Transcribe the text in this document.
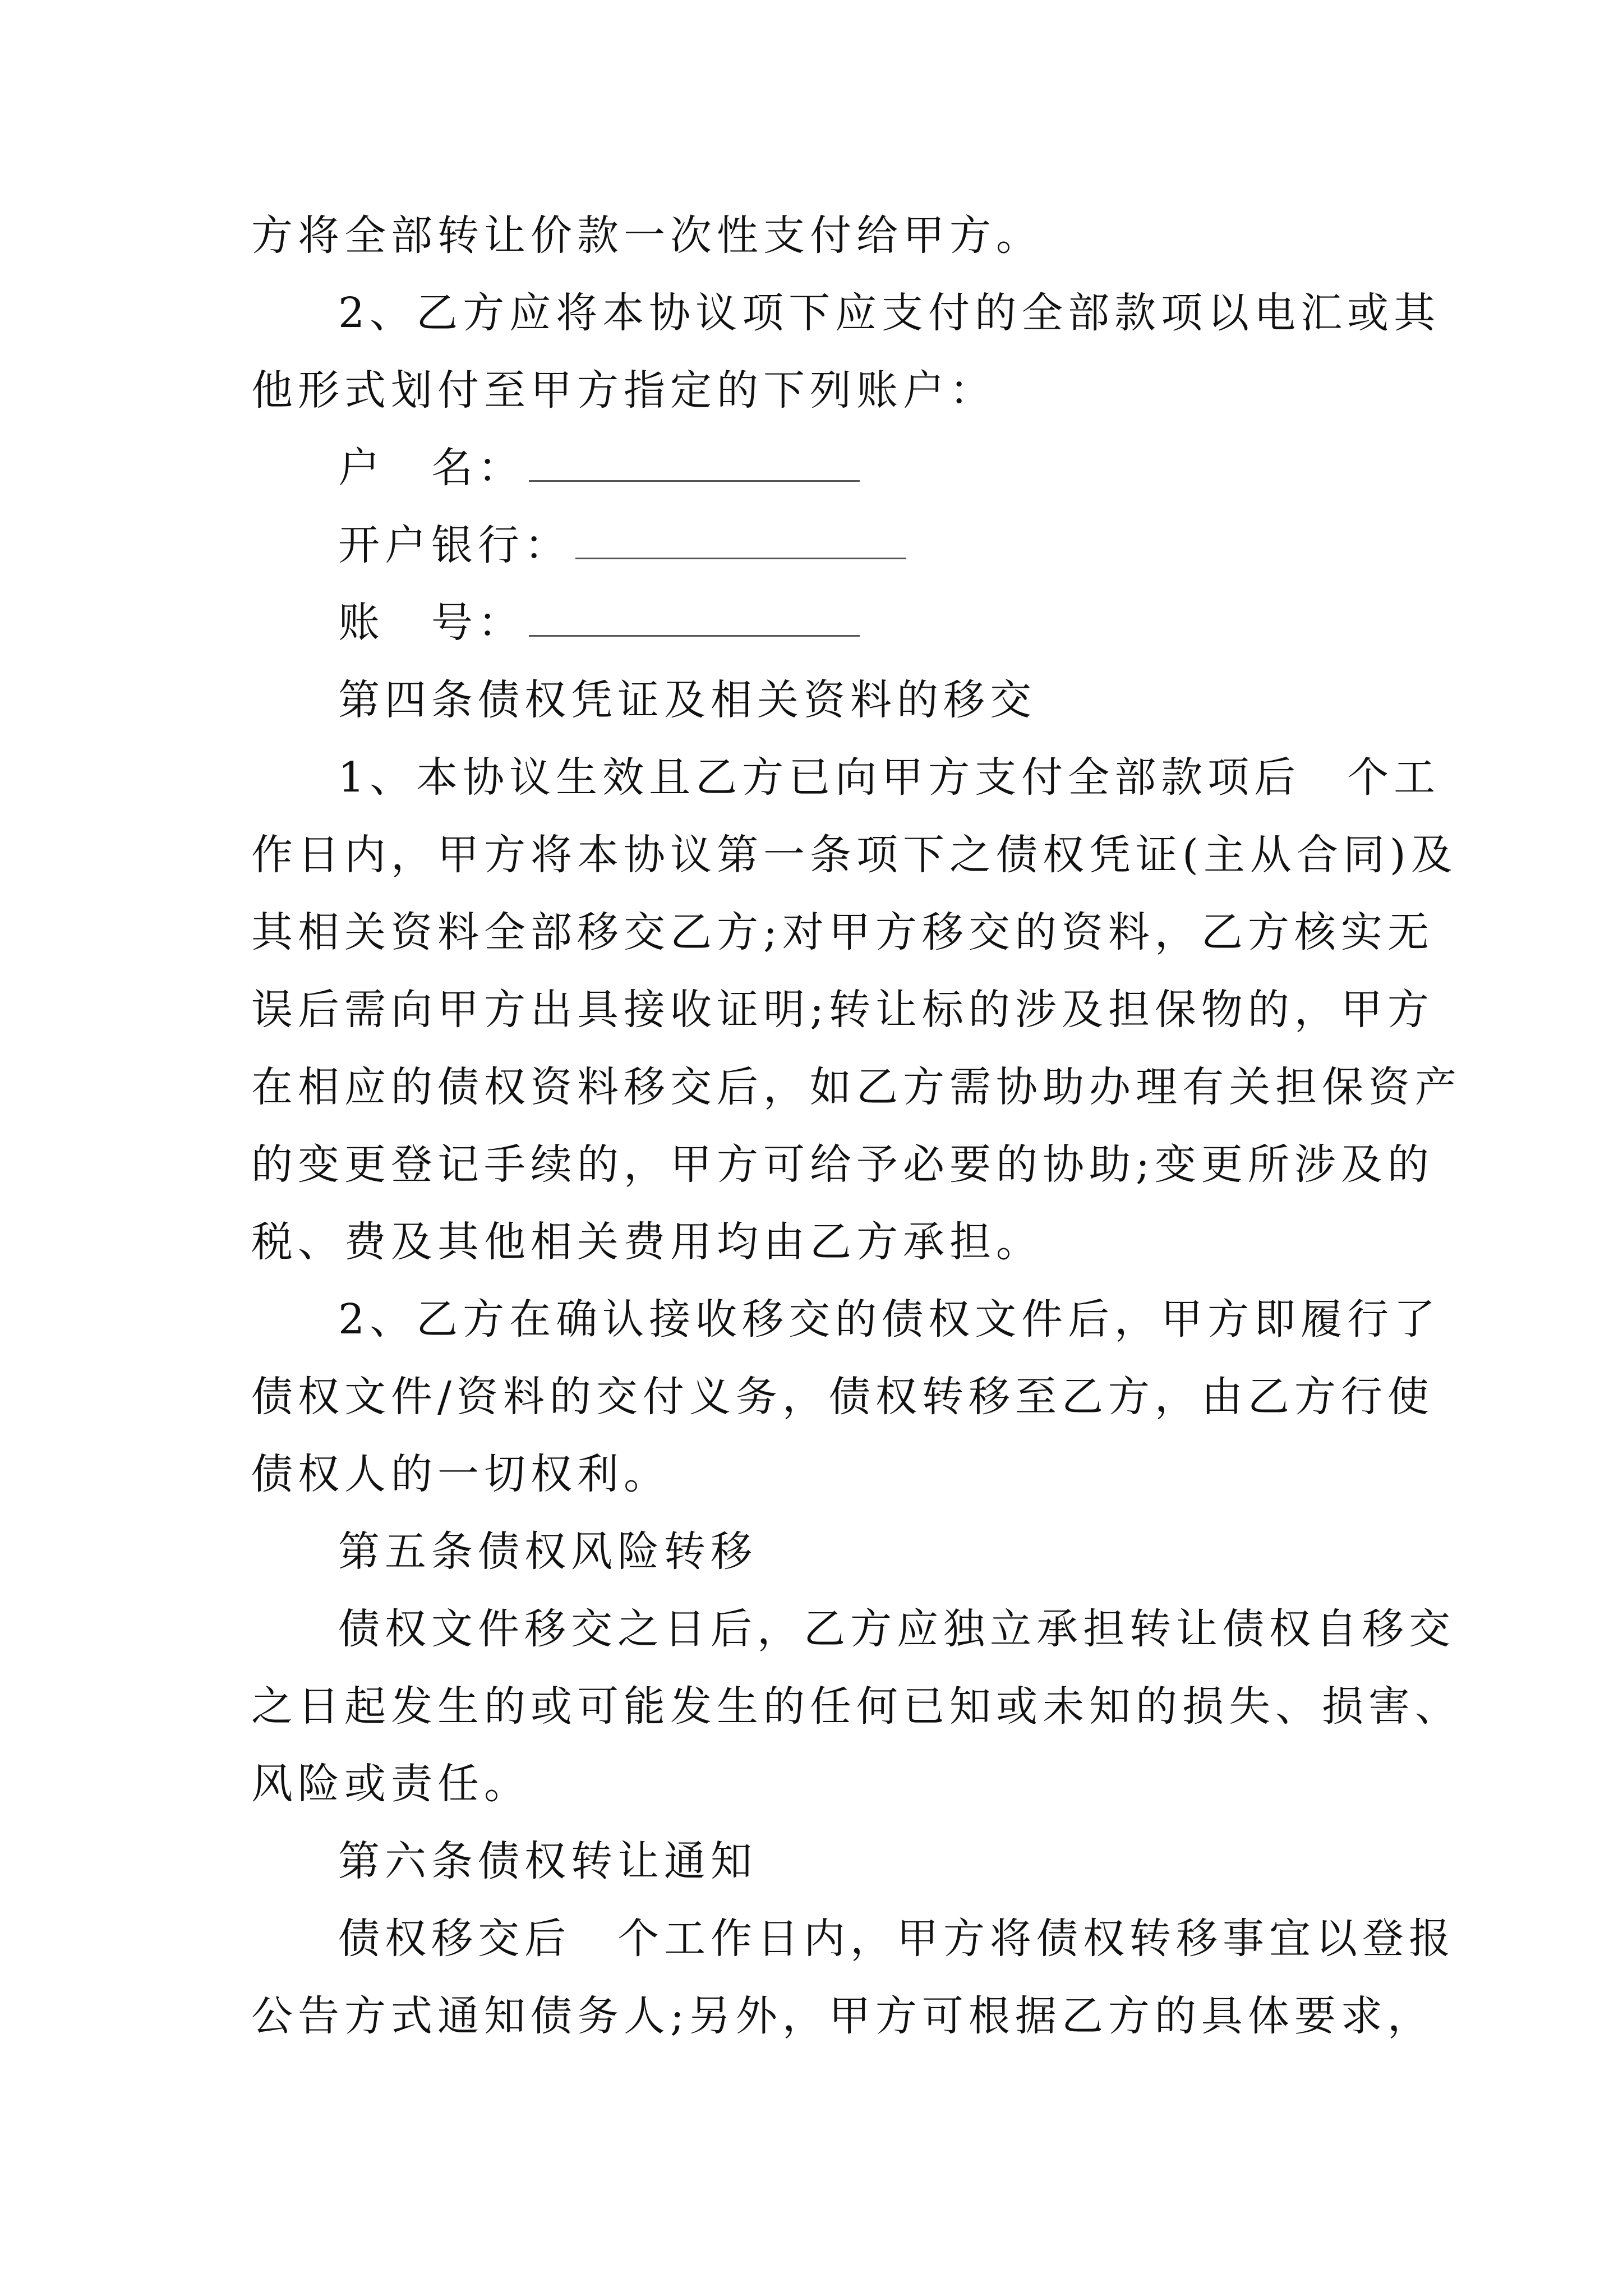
方将全部转让价款一次性支付给甲方。
2、乙方应将本协议项下应支付的全部款项以电汇或其
他形式划付至甲方指定的下列账户：
户　名：
开户银行：
账　号：
第四条债权凭证及相关资料的移交
1、本协议生效且乙方已向甲方支付全部款项后　个工
作日内，甲方将本协议第一条项下之债权凭证(主从合同)及
其相关资料全部移交乙方;对甲方移交的资料，乙方核实无
误后需向甲方出具接收证明;转让标的涉及担保物的，甲方
在相应的债权资料移交后，如乙方需协助办理有关担保资产
的变更登记手续的，甲方可给予必要的协助;变更所涉及的
税、费及其他相关费用均由乙方承担。
2、乙方在确认接收移交的债权文件后，甲方即履行了
债权文件/资料的交付义务，债权转移至乙方，由乙方行使
债权人的一切权利。
第五条债权风险转移
债权文件移交之日后，乙方应独立承担转让债权自移交
之日起发生的或可能发生的任何已知或未知的损失、损害、
风险或责任。
第六条债权转让通知
债权移交后　个工作日内，甲方将债权转移事宜以登报
公告方式通知债务人;另外，甲方可根据乙方的具体要求，
